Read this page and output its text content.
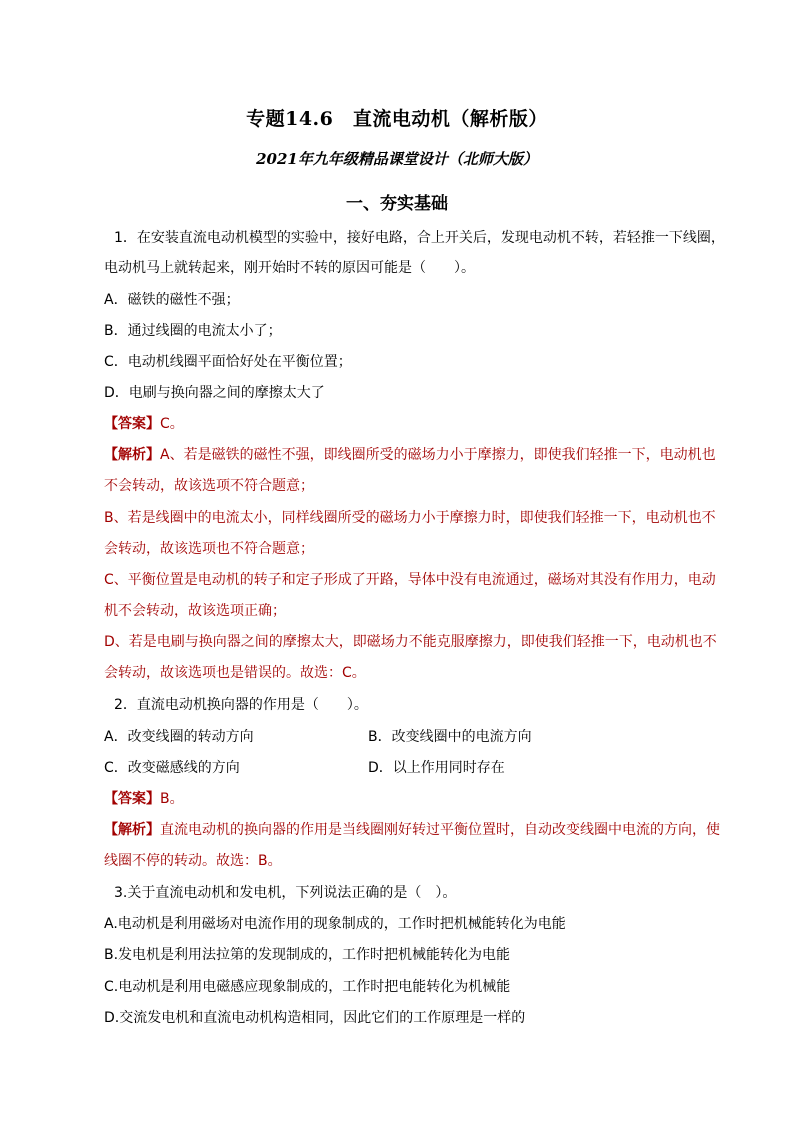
专题14.6　直流电动机（解析版）
2021年九年级精品课堂设计（北师大版）
一、夯实基础
1．在安装直流电动机模型的实验中，接好电路，合上开关后，发现电动机不转，若轻推一下线圈，
电动机马上就转起来，刚开始时不转的原因可能是（　　）。
A．磁铁的磁性不强；
B．通过线圈的电流太小了；
C．电动机线圈平面恰好处在平衡位置；
D．电刷与换向器之间的摩擦太大了
【答案】C。
【解析】A、若是磁铁的磁性不强，即线圈所受的磁场力小于摩擦力，即使我们轻推一下，电动机也
不会转动，故该选项不符合题意；
B、若是线圈中的电流太小，同样线圈所受的磁场力小于摩擦力时，即使我们轻推一下，电动机也不
会转动，故该选项也不符合题意；
C、平衡位置是电动机的转子和定子形成了开路，导体中没有电流通过，磁场对其没有作用力，电动
机不会转动，故该选项正确；
D、若是电刷与换向器之间的摩擦太大，即磁场力不能克服摩擦力，即使我们轻推一下，电动机也不
会转动，故该选项也是错误的。故选：C。
2．直流电动机换向器的作用是（　　）。
A．改变线圈的转动方向	B．改变线圈中的电流方向
C．改变磁感线的方向	D．以上作用同时存在
【答案】B。
【解析】直流电动机的换向器的作用是当线圈刚好转过平衡位置时，自动改变线圈中电流的方向，使
线圈不停的转动。故选：B。
3.关于直流电动机和发电机，下列说法正确的是（　）。
A.电动机是利用磁场对电流作用的现象制成的，工作时把机械能转化为电能
B.发电机是利用法拉第的发现制成的，工作时把机械能转化为电能
C.电动机是利用电磁感应现象制成的，工作时把电能转化为机械能
D.交流发电机和直流电动机构造相同，因此它们的工作原理是一样的
